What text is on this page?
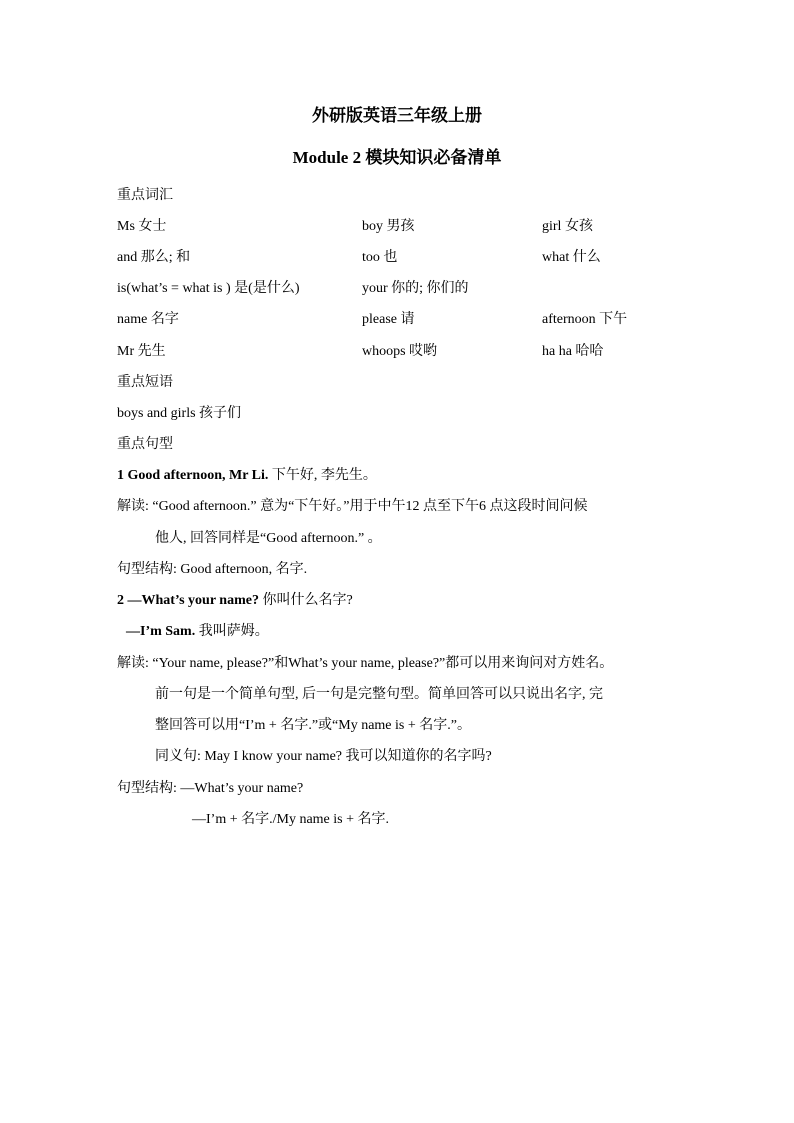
外研版英语三年级上册
Module 2 模块知识必备清单
重点词汇
Ms 女士	boy 男孩	girl 女孩
and 那么; 和	too 也	what 什么
is(what’s = what is ) 是(是什么)	your 你的; 你们的
name 名字	please 请	afternoon 下午
Mr 先生	whoops 哎哟	ha ha 哈哈
重点短语
boys and girls 孩子们
重点句型
1 Good afternoon, Mr Li. 下午好, 李先生。
解读: “Good afternoon.” 意为“下午好。”用于中午12 点至下午6 点这段时间问候
他人, 回答同样是“Good afternoon.” 。
句型结构: Good afternoon, 名字.
2 —What’s your name? 你叫什么名字?
—I’m Sam. 我叫萨姆。
解读: “Your name, please?”和What’s your name, please?”都可以用来询问对方姓名。
前一句是一个简单句型, 后一句是完整句型。简单回答可以只说出名字, 完
整回答可以用“I’m + 名字.”或“My name is + 名字.”。
同义句: May I know your name? 我可以知道你的名字吗?
句型结构: —What’s your name?
—I’m + 名字./My name is + 名字.
